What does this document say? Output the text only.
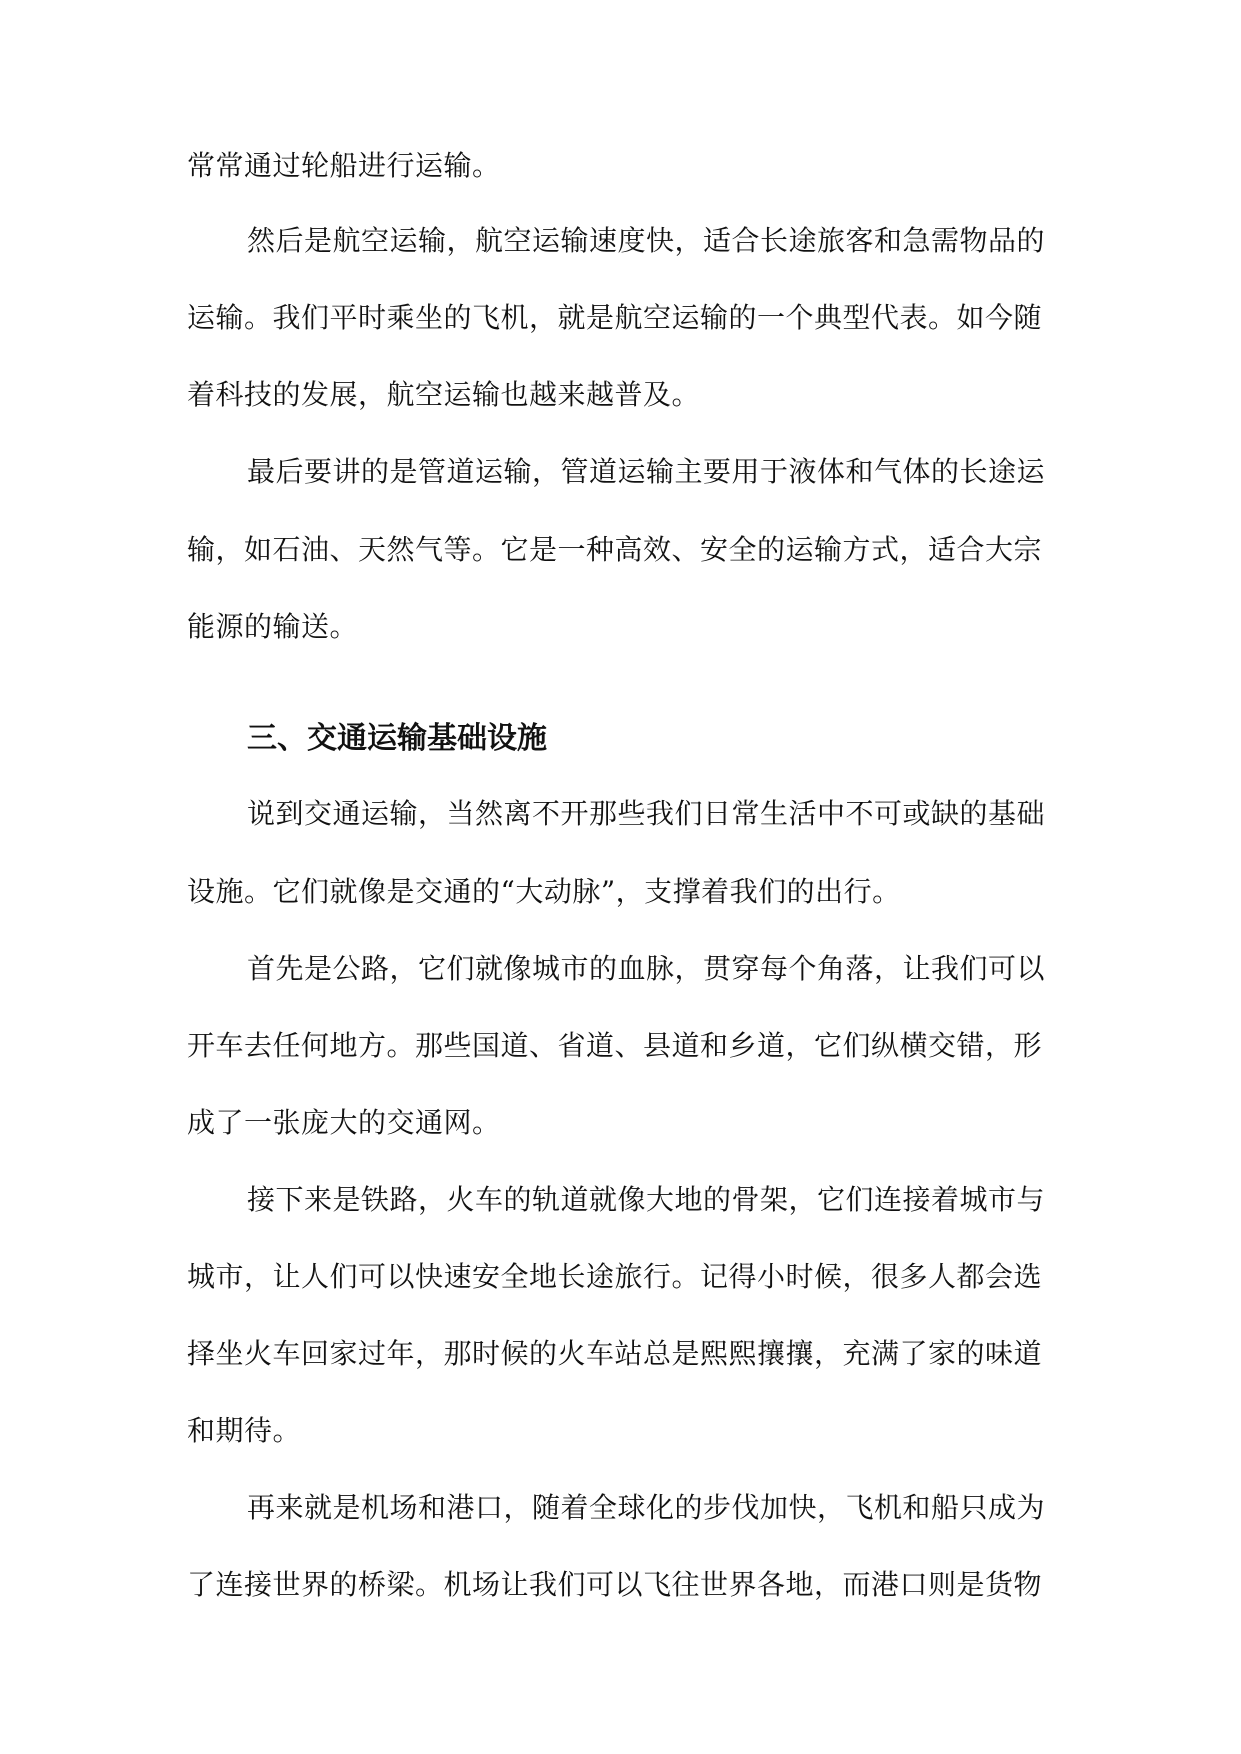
常常通过轮船进行运输。
然后是航空运输，航空运输速度快，适合长途旅客和急需物品的
运输。我们平时乘坐的飞机，就是航空运输的一个典型代表。如今随
着科技的发展，航空运输也越来越普及。
最后要讲的是管道运输，管道运输主要用于液体和气体的长途运
输，如石油、天然气等。它是一种高效、安全的运输方式，适合大宗
能源的输送。
三、交通运输基础设施
说到交通运输，当然离不开那些我们日常生活中不可或缺的基础
设施。它们就像是交通的“大动脉”，支撑着我们的出行。
首先是公路，它们就像城市的血脉，贯穿每个角落，让我们可以
开车去任何地方。那些国道、省道、县道和乡道，它们纵横交错，形
成了一张庞大的交通网。
接下来是铁路，火车的轨道就像大地的骨架，它们连接着城市与
城市，让人们可以快速安全地长途旅行。记得小时候，很多人都会选
择坐火车回家过年，那时候的火车站总是熙熙攘攘，充满了家的味道
和期待。
再来就是机场和港口，随着全球化的步伐加快，飞机和船只成为
了连接世界的桥梁。机场让我们可以飞往世界各地，而港口则是货物
